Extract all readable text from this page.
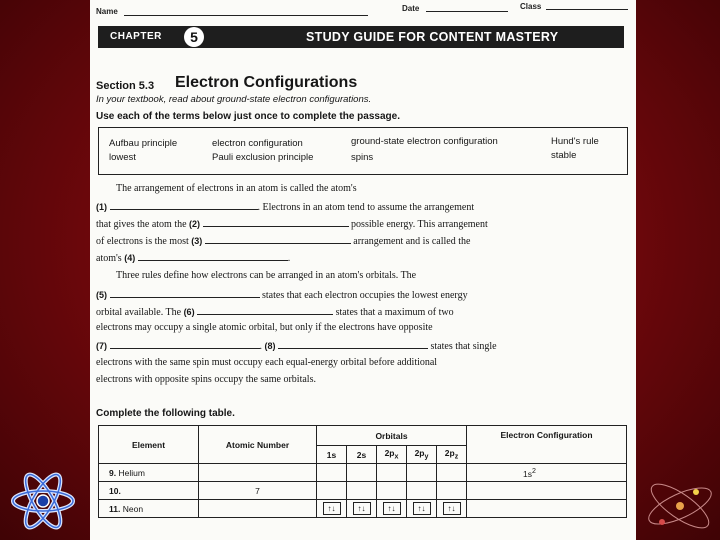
Name	Date	Class
CHAPTER	5	STUDY GUIDE FOR CONTENT MASTERY
Section 5.3 Electron Configurations
In your textbook, read about ground-state electron configurations.
Use each of the terms below just once to complete the passage.
Aufbau principle
lowest
electron configuration
Pauli exclusion principle
ground-state electron configuration
spins
Hund's rule
stable
The arrangement of electrons in an atom is called the atom's
(1)	. Electrons in an atom tend to assume the arrangement
that gives the atom the (2)	possible energy. This arrangement
of electrons is the most (3)	arrangement and is called the
atom's (4)	.
Three rules define how electrons can be arranged in an atom's orbitals. The
(5)	states that each electron occupies the lowest energy
orbital available. The (6)	states that a maximum of two
electrons may occupy a single atomic orbital, but only if the electrons have opposite
(7)	. (8)	states that single
electrons with the same spin must occupy each equal-energy orbital before additional
electrons with opposite spins occupy the same orbitals.
Complete the following table.
Element	Atomic Number	Orbitals					Electron Configuration
		1s	2s	$2p_x$	$2p_y$	$2p_z$
9. Helium							$1s^2$
10.	7						
11. Neon		↑↓	↑↓	↑↓	↑↓	↑↓	
